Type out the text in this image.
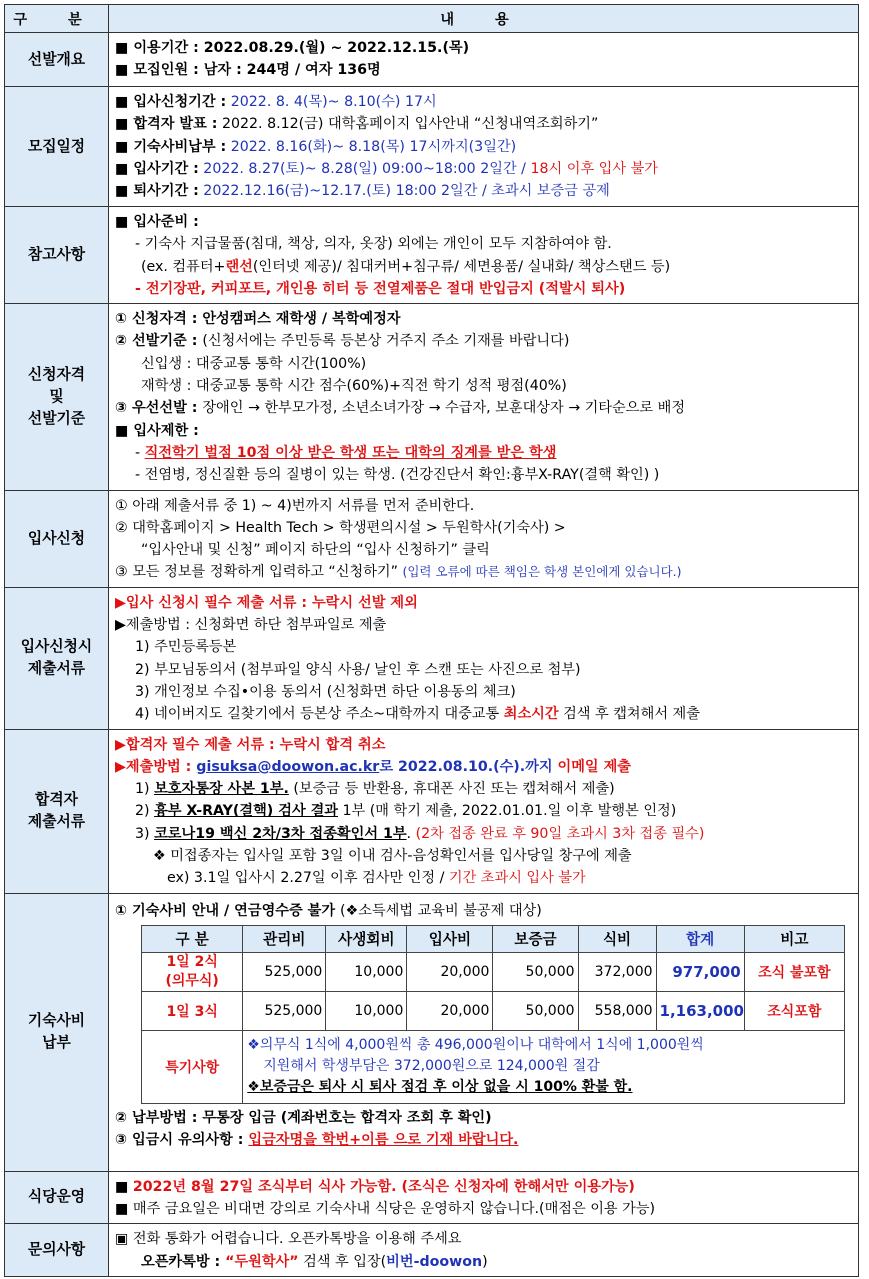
구 분	내 용
선발개요	
■ 이용기간 : 2022.08.29.(월) ~ 2022.12.15.(목)
■ 모집인원 : 남자 : 244명 / 여자 136명

모집일정	
■ 입사신청기간 : 2022. 8. 4(목)~ 8.10(수) 17시
■ 합격자 발표 : 2022. 8.12(금) 대학홈페이지 입사안내 “신청내역조회하기”
■ 기숙사비납부 : 2022. 8.16(화)~ 8.18(목) 17시까지(3일간)
■ 입사기간 : 2022. 8.27(토)~ 8.28(일) 09:00~18:00 2일간 / 18시 이후 입사 불가
■ 퇴사기간 : 2022.12.16(금)~12.17.(토) 18:00 2일간 / 초과시 보증금 공제

참고사항	
■ 입사준비 :
- 기숙사 지급물품(침대, 책상, 의자, 옷장) 외에는 개인이 모두 지참하여야 함.
(ex. 컴퓨터+랜선(인터넷 제공)/ 침대커버+침구류/ 세면용품/ 실내화/ 책상스탠드 등)
- 전기장판, 커피포트, 개인용 히터 등 전열제품은 절대 반입금지 (적발시 퇴사)

신청자격
및
선발기준

① 신청자격 : 안성캠퍼스 재학생 / 복학예정자
② 선발기준 : (신청서에는 주민등록 등본상 거주지 주소 기재를 바랍니다)
신입생 : 대중교통 통학 시간(100%)
재학생 : 대중교통 통학 시간 점수(60%)+직전 학기 성적 평점(40%)
③ 우선선발 : 장애인 → 한부모가정, 소년소녀가장 → 수급자, 보훈대상자 → 기타순으로 배정
■ 입사제한 :
- 직전학기 벌점 10점 이상 받은 학생 또는 대학의 징계를 받은 학생
- 전염병, 정신질환 등의 질병이 있는 학생. (건강진단서 확인:흉부X-RAY(결핵 확인) )

입사신청	
① 아래 제출서류 중 1) ~ 4)번까지 서류를 먼저 준비한다.
② 대학홈페이지 > Health Tech > 학생편의시설 > 두원학사(기숙사) >
“입사안내 및 신청” 페이지 하단의 “입사 신청하기” 클릭
③ 모든 정보를 정확하게 입력하고 “신청하기” (입력 오류에 따른 책임은 학생 본인에게 있습니다.)

입사신청시
제출서류

▶입사 신청시 필수 제출 서류 : 누락시 선발 제외
▶제출방법 : 신청화면 하단 첨부파일로 제출
1) 주민등록등본
2) 부모님동의서 (첨부파일 양식 사용/ 날인 후 스캔 또는 사진으로 첨부)
3) 개인정보 수집•이용 동의서 (신청화면 하단 이용동의 체크)
4) 네이버지도 길찾기에서 등본상 주소~대학까지 대중교통 최소시간 검색 후 캡쳐해서 제출

합격자
제출서류

▶합격자 필수 제출 서류 : 누락시 합격 취소
▶제출방법 : gisuksa@doowon.ac.kr로 2022.08.10.(수).까지 이메일 제출
1) 보호자통장 사본 1부. (보증금 등 반환용, 휴대폰 사진 또는 캡쳐해서 제출)
2) 흉부 X-RAY(결핵) 검사 결과 1부 (매 학기 제출, 2022.01.01.일 이후 발행본 인정)
3) 코로나19 백신 2차/3차 접종확인서 1부. (2차 접종 완료 후 90일 초과시 3차 접종 필수)
❖ 미접종자는 입사일 포함 3일 이내 검사-음성확인서를 입사당일 창구에 제출
ex) 3.1일 입사시 2.27일 이후 검사만 인정 / 기간 초과시 입사 불가

기숙사비
납부

① 기숙사비 안내 / 연금영수증 불가 (❖소득세법 교육비 불공제 대상)
구 분	관리비	사생회비	입사비	보증금	식비	합계	비고

1일 2식
(의무식)
	525,000	10,000	20,000	50,000	372,000	977,000	조식 불포함
1일 3식	525,000	10,000	20,000	50,000	558,000	1,163,000	조식포함
특기사항	
❖의무식 1식에 4,000원씩 총 496,000원이나 대학에서 1식에 1,000원씩
지원해서 학생부담은 372,000원으로 124,000원 절감
❖보증금은 퇴사 시 퇴사 점검 후 이상 없을 시 100% 환불 함.
② 납부방법 : 무통장 입금 (계좌번호는 합격자 조회 후 확인)
③ 입금시 유의사항 : 입금자명을 학번+이름 으로 기재 바랍니다.

식당운영	
■ 2022년 8월 27일 조식부터 식사 가능함. (조식은 신청자에 한해서만 이용가능)
■ 매주 금요일은 비대면 강의로 기숙사내 식당은 운영하지 않습니다.(매점은 이용 가능)

문의사항	
▣ 전화 통화가 어렵습니다. 오픈카톡방을 이용해 주세요
오픈카톡방 : “두원학사” 검색 후 입장(비번-doowon)
